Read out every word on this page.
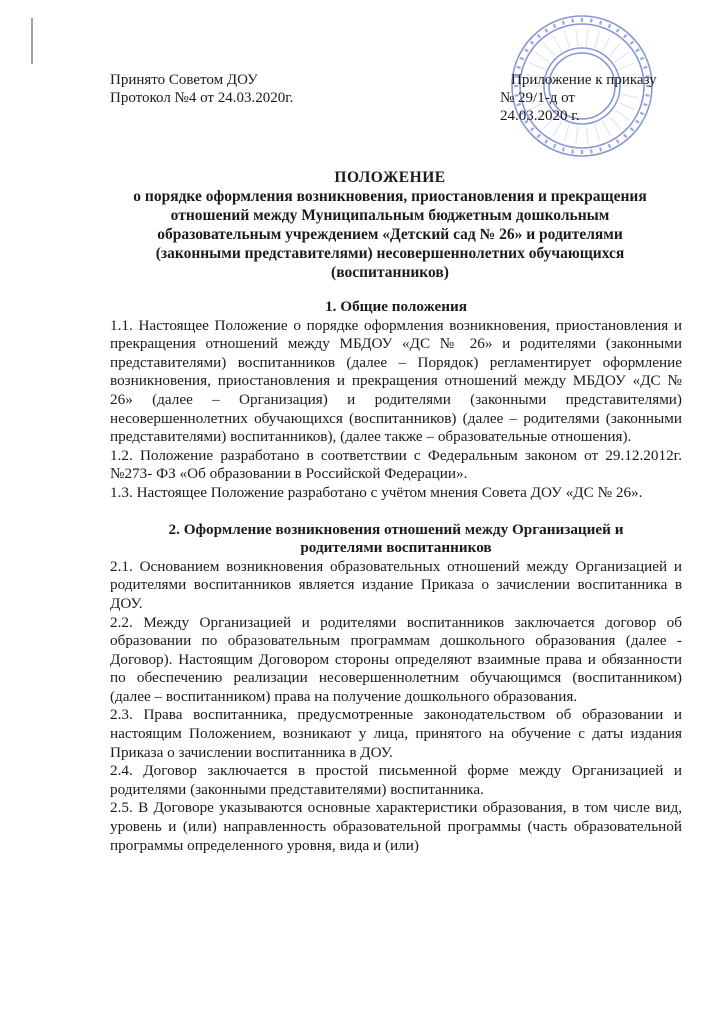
Принято Советом ДОУ
Протокол №4 от 24.03.2020г.
Приложение к приказу
№ 29/1-д от
24.03.2020 г.
ПОЛОЖЕНИЕ
о порядке оформления возникновения, приостановления и прекращения
отношений между Муниципальным бюджетным дошкольным
образовательным учреждением «Детский сад № 26» и родителями
(законными представителями) несовершеннолетних обучающихся
(воспитанников)

1. Общие положения

1.1. Настоящее Положение о порядке оформления возникновения, приостановления и прекращения отношений между МБДОУ «ДС № 26» и родителями (законными представителями) воспитанников (далее – Порядок) регламентирует оформление возникновения, приостановления и прекращения отношений между МБДОУ «ДС № 26» (далее – Организация) и родителями (законными представителями) несовершеннолетних обучающихся (воспитанников) (далее – родителями (законными представителями) воспитанников), (далее также – образовательные отношения).

1.2. Положение разработано в соответствии с Федеральным законом от 29.12.2012г. №273- ФЗ «Об образовании в Российской Федерации».

1.3. Настоящее Положение разработано с учётом мнения Совета ДОУ «ДС № 26».

2. Оформление возникновения отношений между Организацией и

родителями воспитанников

2.1. Основанием возникновения образовательных отношений между Организацией и родителями воспитанников является издание Приказа о зачислении воспитанника в ДОУ.

2.2. Между Организацией и родителями воспитанников заключается договор об образовании по образовательным программам дошкольного образования (далее - Договор). Настоящим Договором стороны определяют взаимные права и обязанности по обеспечению реализации несовершеннолетним обучающимся (воспитанником) (далее – воспитанником) права на получение дошкольного образования.

2.3. Права воспитанника, предусмотренные законодательством об образовании и настоящим Положением, возникают у лица, принятого на обучение с даты издания Приказа о зачислении воспитанника в ДОУ.

2.4. Договор заключается в простой письменной форме между Организацией и родителями (законными представителями) воспитанника.

2.5. В Договоре указываются основные характеристики образования, в том числе вид, уровень и (или) направленность образовательной программы (часть образовательной программы определенного уровня, вида и (или)
